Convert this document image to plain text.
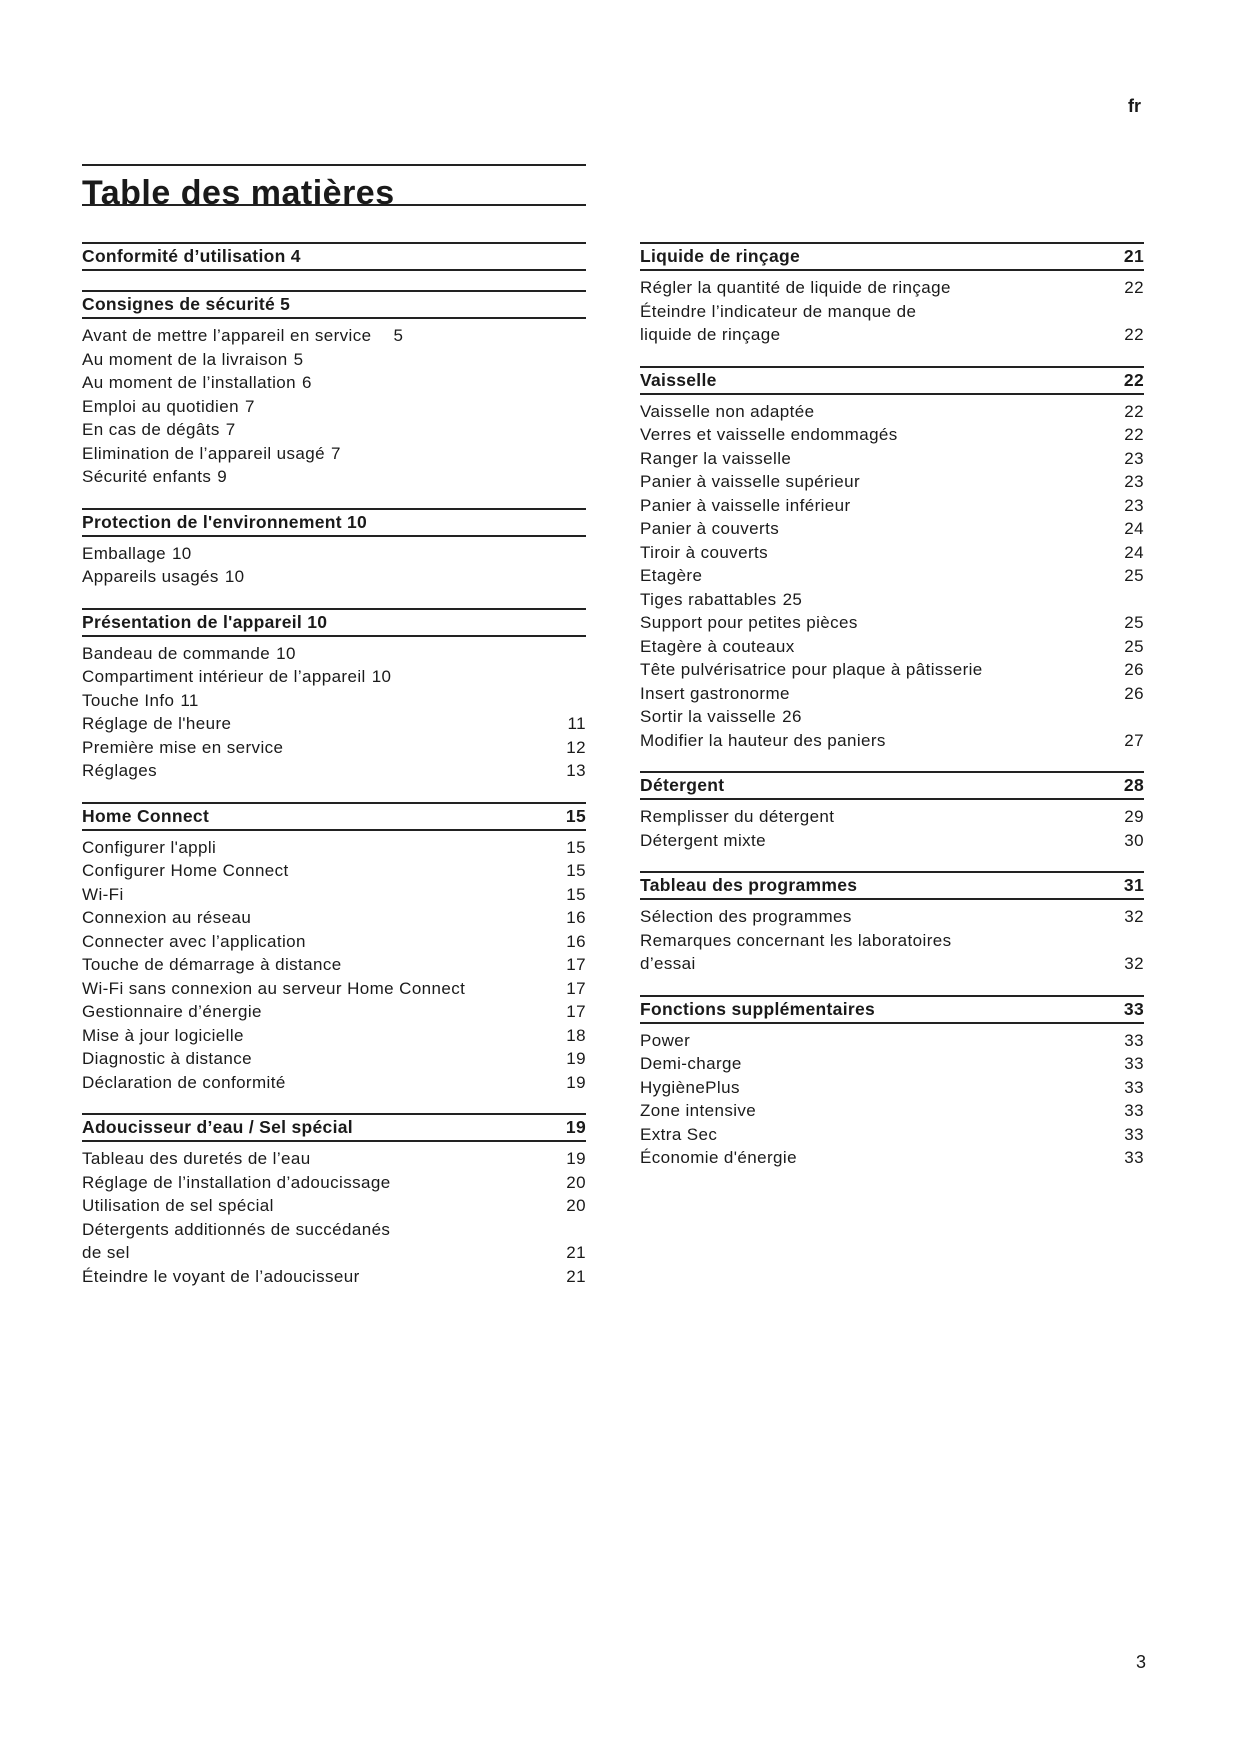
fr
Table des matières
Conformité d’utilisation 4
Consignes de sécurité 5
Avant de mettre l’appareil en service 5
Au moment de la livraison 5
Au moment de l’installation 6
Emploi au quotidien 7
En cas de dégâts 7
Elimination de l’appareil usagé 7
Sécurité enfants 9
Protection de l'environnement 10
Emballage 10
Appareils usagés 10
Présentation de l'appareil 10
Bandeau de commande 10
Compartiment intérieur de l’appareil 10
Touche Info 11
Réglage de l'heure	11
Première mise en service	12
Réglages	13
Home Connect	15
Configurer l'appli	15
Configurer Home Connect	15
Wi-Fi	15
Connexion au réseau	16
Connecter avec l’application	16
Touche de démarrage à distance	17
Wi-Fi sans connexion au serveur Home Connect	17
Gestionnaire d’énergie	17
Mise à jour logicielle	18
Diagnostic à distance	19
Déclaration de conformité	19
Adoucisseur d’eau / Sel spécial	19
Tableau des duretés de l’eau	19
Réglage de l’installation d’adoucissage	20
Utilisation de sel spécial	20
Détergents additionnés de succédanés
de sel	21
Éteindre le voyant de l’adoucisseur	21
Liquide de rinçage	21
Régler la quantité de liquide de rinçage	22
Éteindre l’indicateur de manque de
liquide de rinçage	22
Vaisselle	22
Vaisselle non adaptée	22
Verres et vaisselle endommagés	22
Ranger la vaisselle	23
Panier à vaisselle supérieur	23
Panier à vaisselle inférieur	23
Panier à couverts	24
Tiroir à couverts	24
Etagère	25
Tiges rabattables 25
Support pour petites pièces	25
Etagère à couteaux	25
Tête pulvérisatrice pour plaque à pâtisserie	26
Insert gastronorme	26
Sortir la vaisselle 26
Modifier la hauteur des paniers	27
Détergent	28
Remplisser du détergent	29
Détergent mixte	30
Tableau des programmes	31
Sélection des programmes	32
Remarques concernant les laboratoires
d’essai	32
Fonctions supplémentaires	33
Power	33
Demi-charge	33
HygiènePlus	33
Zone intensive	33
Extra Sec	33
Économie d'énergie	33
3
